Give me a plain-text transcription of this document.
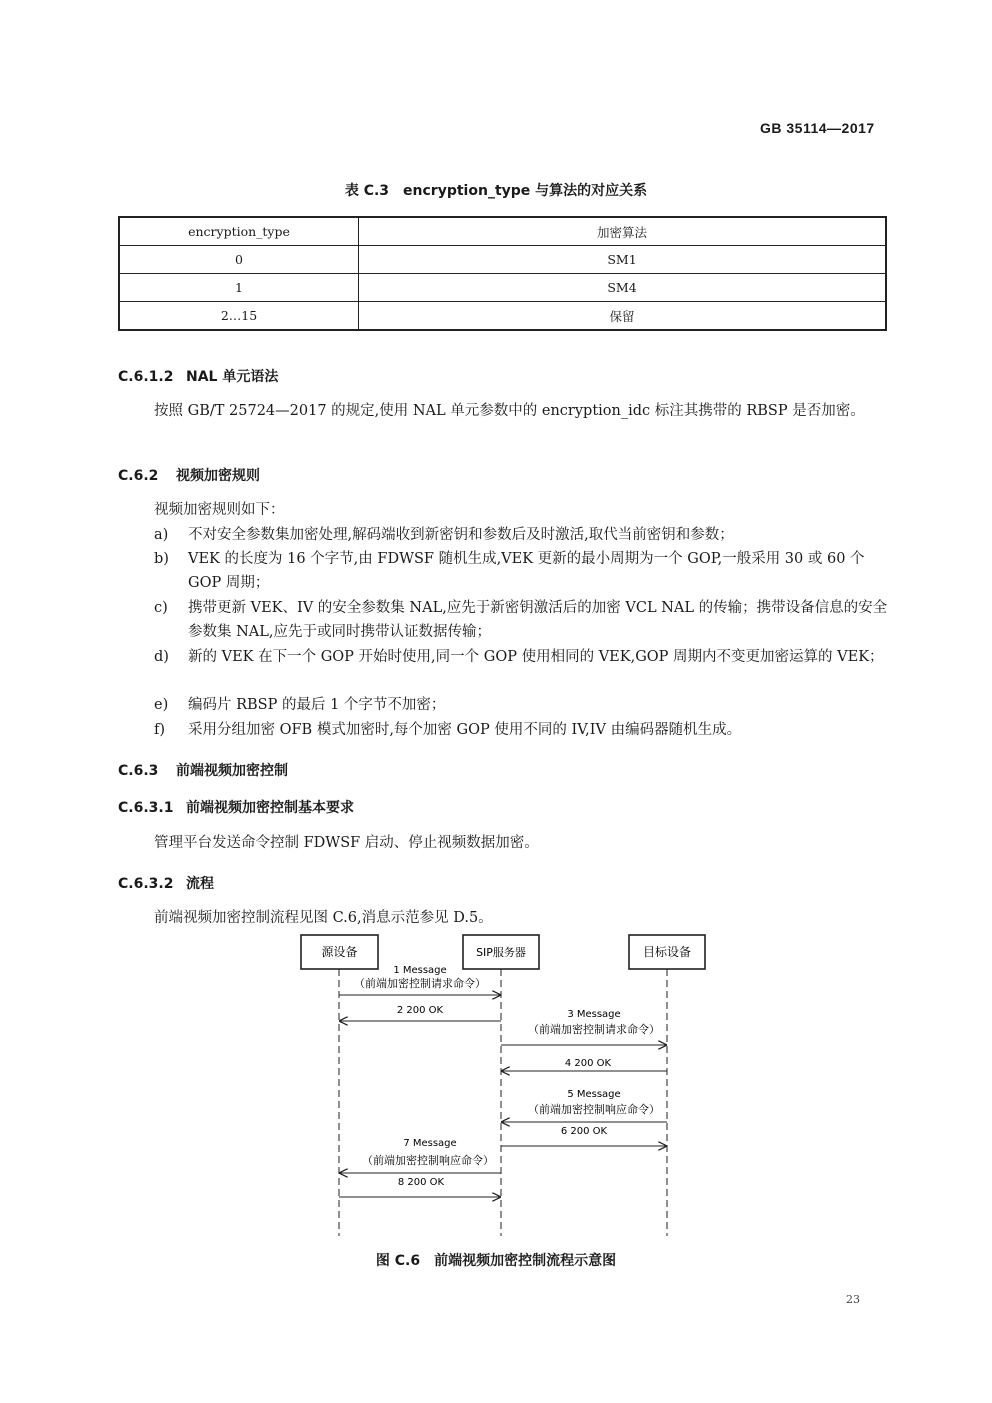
GB 35114—2017
表 C.3　encryption_type 与算法的对应关系
encryption_type	加密算法
0	SM1
1	SM4
2…15	保留
C.6.1.2 NAL 单元语法
按照 GB/T 25724—2017 的规定,使用 NAL 单元参数中的 encryption_idc 标注其携带的 RBSP 是否加密。
C.6.2 视频加密规则
视频加密规则如下：
a)	不对安全参数集加密处理,解码端收到新密钥和参数后及时激活,取代当前密钥和参数；
b)	VEK 的长度为 16 个字节,由 FDWSF 随机生成,VEK 更新的最小周期为一个 GOP,一般采用 30 或 60 个 GOP 周期；
c)	携带更新 VEK、IV 的安全参数集 NAL,应先于新密钥激活后的加密 VCL NAL 的传输；携带设备信息的安全参数集 NAL,应先于或同时携带认证数据传输；
d)	新的 VEK 在下一个 GOP 开始时使用,同一个 GOP 使用相同的 VEK,GOP 周期内不变更加密运算的 VEK；
e)	编码片 RBSP 的最后 1 个字节不加密；
f)	采用分组加密 OFB 模式加密时,每个加密 GOP 使用不同的 IV,IV 由编码器随机生成。
C.6.3 前端视频加密控制
C.6.3.1 前端视频加密控制基本要求
管理平台发送命令控制 FDWSF 启动、停止视频数据加密。
C.6.3.2 流程
前端视频加密控制流程见图 C.6,消息示范参见 D.5。
源设备	SIP服务器	目标设备
1 Message
（前端加密控制请求命令）
2 200 OK	3 Message
（前端加密控制请求命令）
4 200 OK
5 Message
（前端加密控制响应命令）
6 200 OK
7 Message
（前端加密控制响应命令）
8 200 OK
图 C.6　前端视频加密控制流程示意图
23
